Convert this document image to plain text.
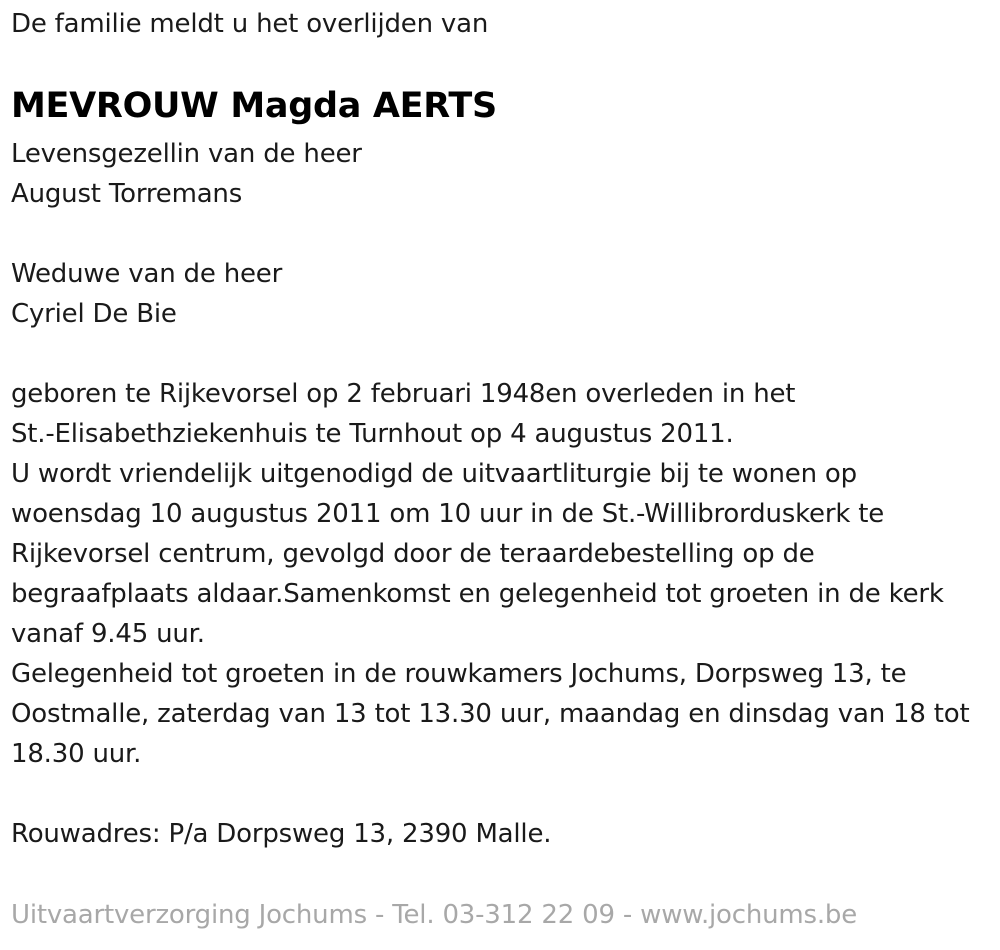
De familie meldt u het overlijden van
MEVROUW Magda AERTS
Levensgezellin van de heer
August Torremans
Weduwe van de heer
Cyriel De Bie
geboren te Rijkevorsel op 2 februari 1948en overleden in het
St.-Elisabethziekenhuis te Turnhout op 4 augustus 2011.
U wordt vriendelijk uitgenodigd de uitvaartliturgie bij te wonen op
woensdag 10 augustus 2011 om 10 uur in de St.-Willibrorduskerk te
Rijkevorsel centrum, gevolgd door de teraardebestelling op de
begraafplaats aldaar.Samenkomst en gelegenheid tot groeten in de kerk
vanaf 9.45 uur.
Gelegenheid tot groeten in de rouwkamers Jochums, Dorpsweg 13, te
Oostmalle, zaterdag van 13 tot 13.30 uur, maandag en dinsdag van 18 tot
18.30 uur.
Rouwadres: P/a Dorpsweg 13, 2390 Malle.
Uitvaartverzorging Jochums - Tel. 03-312 22 09 - www.jochums.be
